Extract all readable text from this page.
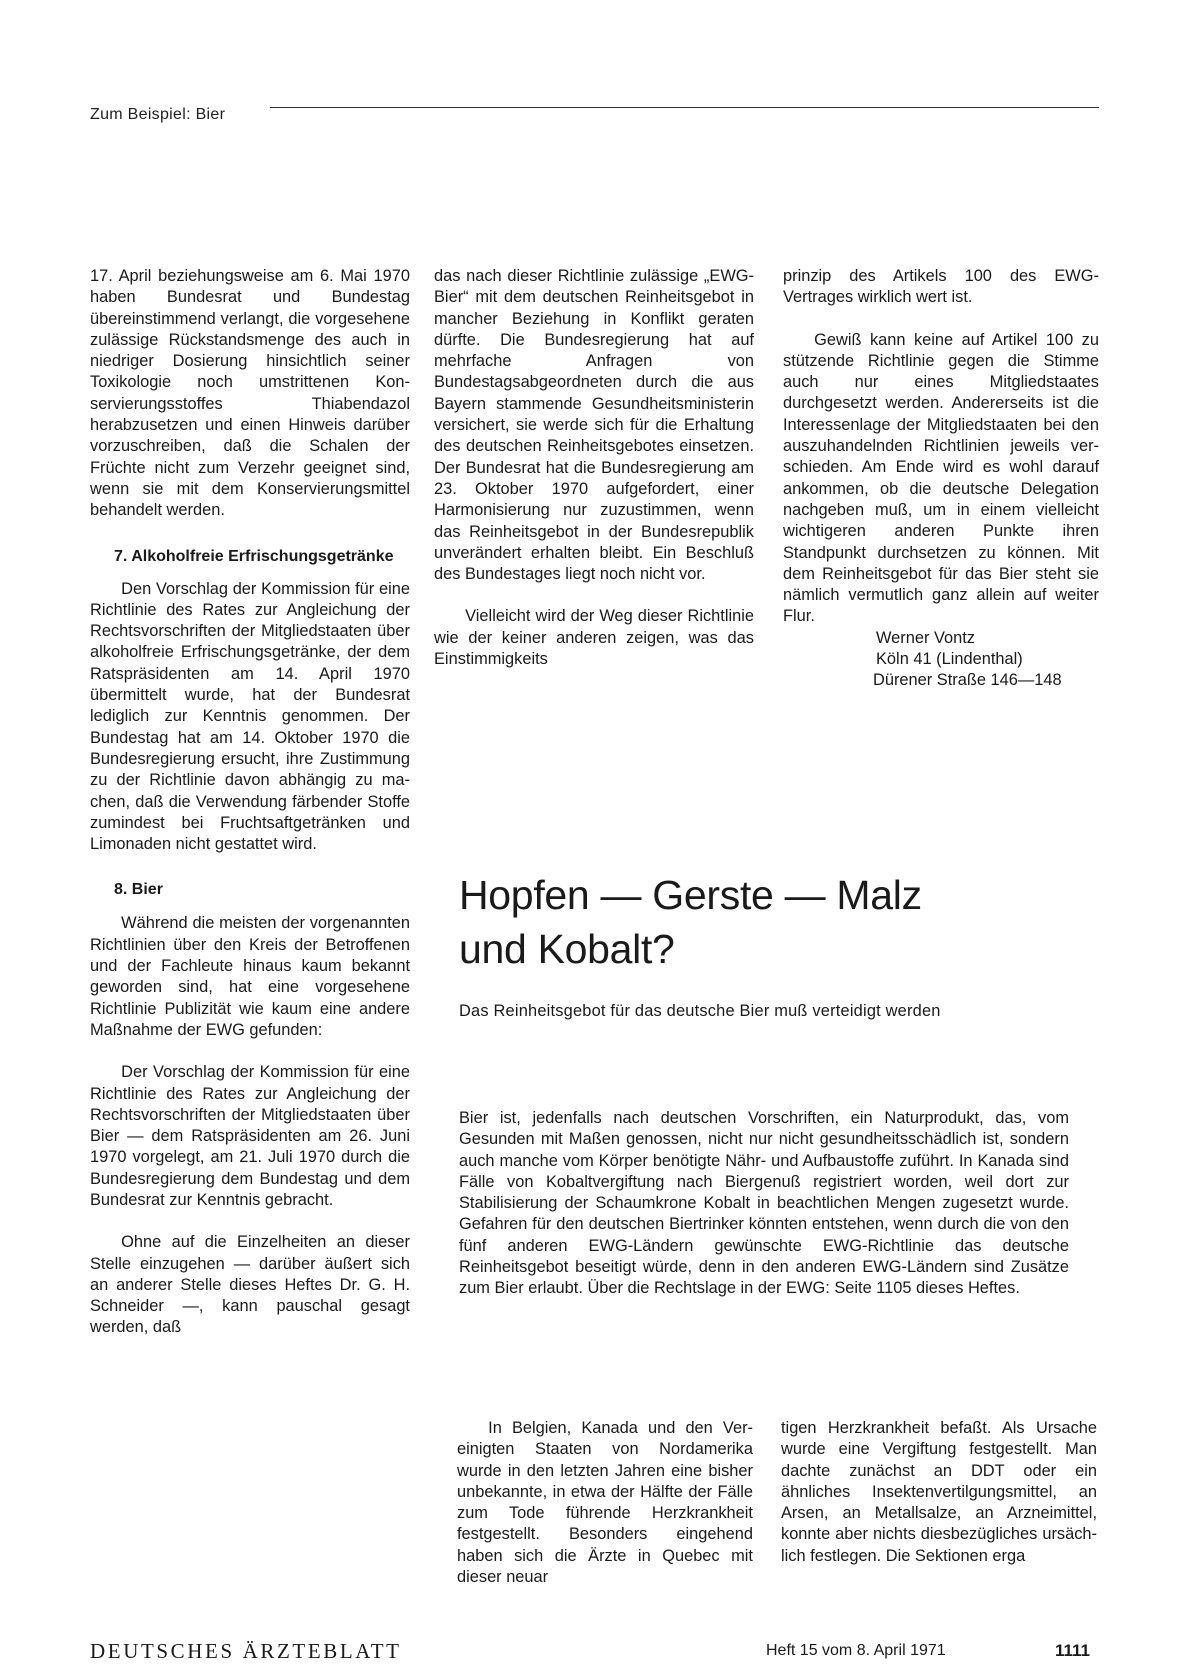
Zum Beispiel: Bier

17. April beziehungsweise am 6. Mai 1970 haben Bundesrat und Bundestag übereinstimmend verlangt, die vorgesehene zulässige Rückstandsmenge des auch in niedriger Dosierung hinsichtlich seiner Toxikologie noch umstrittenen Konservierungsstoffes Thiabendazol herabzusetzen und einen Hinweis darüber vorzuschreiben, daß die Schalen der Früchte nicht zum Verzehr geeignet sind, wenn sie mit dem Konservierungsmittel behandelt werden.

7. Alkoholfreie Erfrischungsgetränke

Den Vorschlag der Kommission für eine Richtlinie des Rates zur Angleichung der Rechtsvorschriften der Mitgliedstaaten über alkoholfreie Erfrischungsgetränke, der dem Ratspräsidenten am 14. April 1970 übermittelt wurde, hat der Bundesrat lediglich zur Kenntnis genommen. Der Bundestag hat am 14. Oktober 1970 die Bundesregierung ersucht, ihre Zustimmung zu der Richtlinie davon abhängig zu machen, daß die Verwendung färbender Stoffe zumindest bei Fruchtsaftgetränken und Limonaden nicht gestattet wird.

8. Bier

Während die meisten der vorgenannten Richtlinien über den Kreis der Betroffenen und der Fachleute hinaus kaum bekannt geworden sind, hat eine vorgesehene Richtlinie Publizität wie kaum eine andere Maßnahme der EWG gefunden:

Der Vorschlag der Kommission für eine Richtlinie des Rates zur Angleichung der Rechtsvorschriften der Mitgliedstaaten über Bier — dem Ratspräsidenten am 26. Juni 1970 vorgelegt, am 21. Juli 1970 durch die Bundesregierung dem Bundestag und dem Bundesrat zur Kenntnis gebracht.

Ohne auf die Einzelheiten an dieser Stelle einzugehen — darüber äußert sich an anderer Stelle dieses Heftes Dr. G. H. Schneider —, kann pauschal gesagt werden, daß

das nach dieser Richtlinie zulässige „EWG-Bier“ mit dem deutschen Reinheitsgebot in mancher Beziehung in Konflikt geraten dürfte. Die Bundesregierung hat auf mehrfache Anfragen von Bundestagsabgeordneten durch die aus Bayern stammende Gesundheitsministerin versichert, sie werde sich für die Erhaltung des deutschen Reinheitsgebotes einsetzen. Der Bundesrat hat die Bundesregierung am 23. Oktober 1970 aufgefordert, einer Harmonisierung nur zuzustimmen, wenn das Reinheitsgebot in der Bundesrepublik unverändert erhalten bleibt. Ein Beschluß des Bundestages liegt noch nicht vor.

Vielleicht wird der Weg dieser Richtlinie wie der keiner anderen zeigen, was das Einstimmigkeits

prinzip des Artikels 100 des EWG-Vertrages wirklich wert ist.

Gewiß kann keine auf Artikel 100 zu stützende Richtlinie gegen die Stimme auch nur eines Mitgliedstaates durchgesetzt werden. Andererseits ist die Interessenlage der Mitgliedstaaten bei den auszuhandelnden Richtlinien jeweils verschieden. Am Ende wird es wohl darauf ankommen, ob die deutsche Delegation nachgeben muß, um in einem vielleicht wichtigeren anderen Punkte ihren Standpunkt durchsetzen zu können. Mit dem Reinheitsgebot für das Bier steht sie nämlich vermutlich ganz allein auf weiter Flur.

Werner Vontz
Köln 41 (Lindenthal)
Dürener Straße 146—148
Hopfen — Gerste — Malz
und Kobalt?
Das Reinheitsgebot für das deutsche Bier muß verteidigt werden

Bier ist, jedenfalls nach deutschen Vorschriften, ein Naturprodukt, das, vom Gesunden mit Maßen genossen, nicht nur nicht gesundheitsschädlich ist, sondern auch manche vom Körper benötigte Nähr- und Aufbaustoffe zuführt. In Kanada sind Fälle von Kobaltvergiftung nach Biergenuß registriert worden, weil dort zur Stabilisierung der Schaumkrone Kobalt in beachtlichen Mengen zugesetzt wurde. Gefahren für den deutschen Biertrinker könnten entstehen, wenn durch die von den fünf anderen EWG-Ländern gewünschte EWG-Richtlinie das deutsche Reinheitsgebot beseitigt würde, denn in den anderen EWG-Ländern sind Zusätze zum Bier erlaubt. Über die Rechtslage in der EWG: Seite 1105 dieses Heftes.

In Belgien, Kanada und den Vereinigten Staaten von Nordamerika wurde in den letzten Jahren eine bisher unbekannte, in etwa der Hälfte der Fälle zum Tode führende Herzkrankheit festgestellt. Besonders eingehend haben sich die Ärzte in Quebec mit dieser neuar

tigen Herzkrankheit befaßt. Als Ursache wurde eine Vergiftung festgestellt. Man dachte zunächst an DDT oder ein ähnliches Insektenvertilgungsmittel, an Arsen, an Metallsalze, an Arzneimittel, konnte aber nichts diesbezügliches ursächlich festlegen. Die Sektionen erga

DEUTSCHES ÄRZTEBLATT	Heft 15 vom 8. April 1971	1111
